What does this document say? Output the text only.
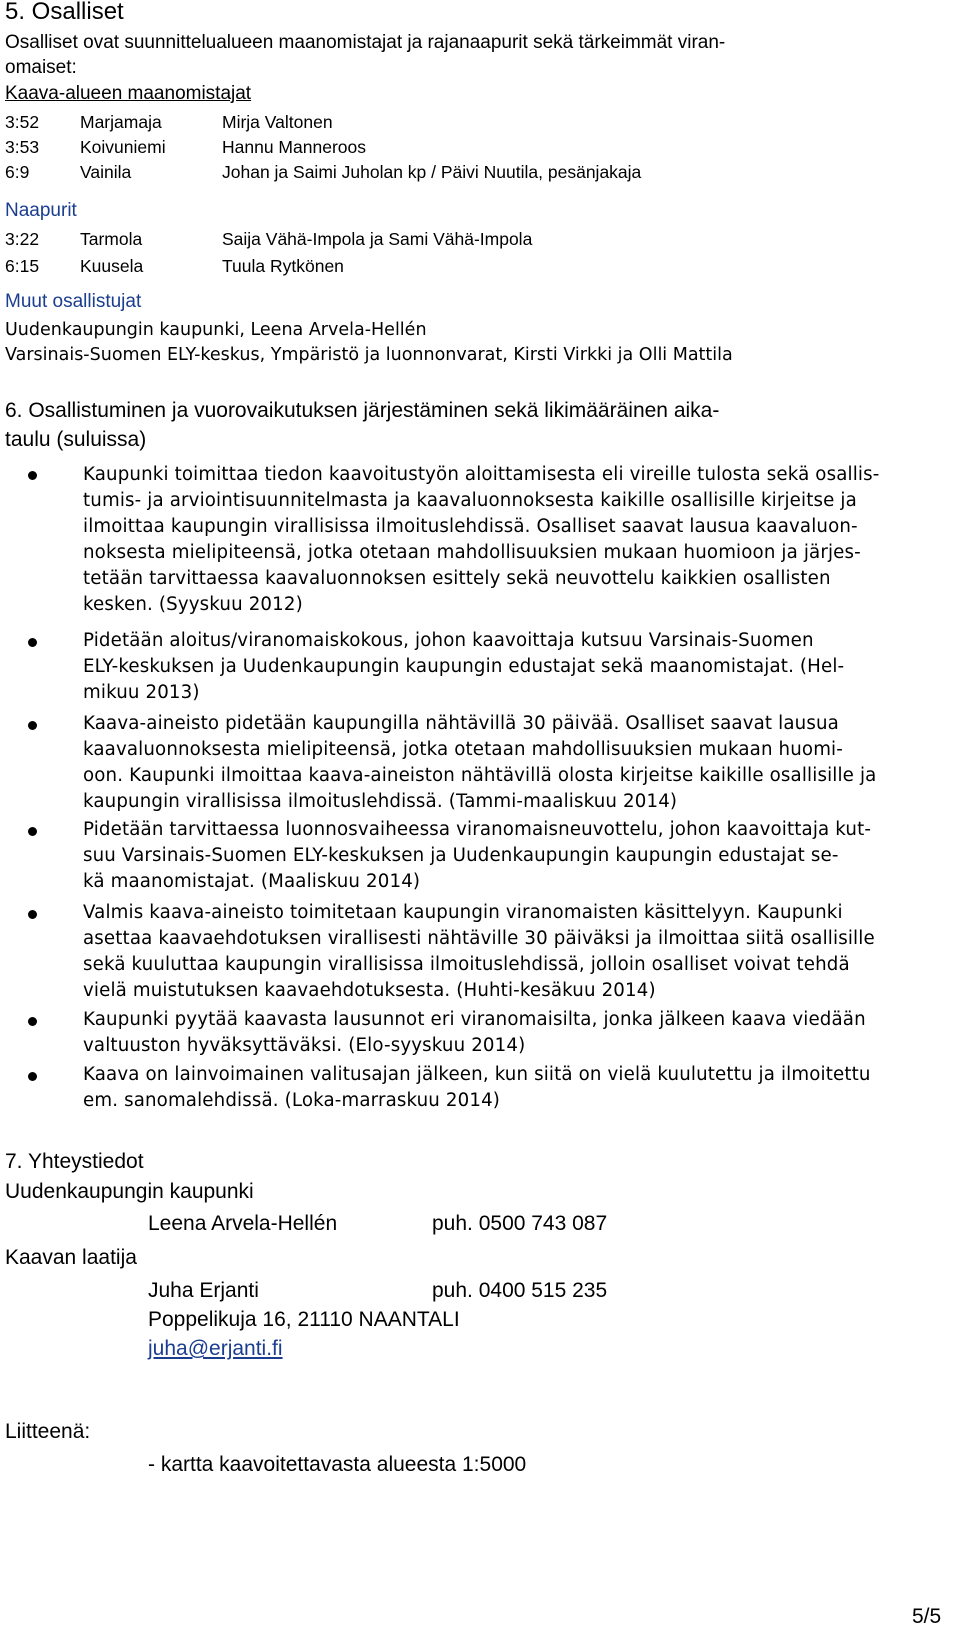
5. Osalliset

Osalliset ovat suunnittelualueen maanomistajat ja rajanaapurit sekä tärkeimmät viran-

omaiset:

Kaava-alueen maanomistajat

3:52 Marjamaja	Mirja Valtonen
3:53 Koivuniemi	Hannu Manneroos
6:9	Vainila	Johan ja Saimi Juholan kp / Päivi Nuutila, pesänjakaja

Naapurit

3:22 Tarmola	Saija Vähä-Impola ja Sami Vähä-Impola
6:15 Kuusela	Tuula Rytkönen

Muut osallistujat

Uudenkaupungin kaupunki, Leena Arvela-Hellén

Varsinais-Suomen ELY-keskus, Ympäristö ja luonnonvarat, Kirsti Virkki ja Olli Mattila

6. Osallistuminen ja vuorovaikutuksen järjestäminen sekä likimääräinen aika-
taulu (suluissa)
Kaupunki toimittaa tiedon kaavoitustyön aloittamisesta eli vireille tulosta sekä osallis-
tumis- ja arviointisuunnitelmasta ja kaavaluonnoksesta kaikille osallisille kirjeitse ja
ilmoittaa kaupungin virallisissa ilmoituslehdissä. Osalliset saavat lausua kaavaluon-
noksesta mielipiteensä, jotka otetaan mahdollisuuksien mukaan huomioon ja järjes-
tetään tarvittaessa kaavaluonnoksen esittely sekä neuvottelu kaikkien osallisten
kesken. (Syyskuu 2012)
Pidetään aloitus/viranomaiskokous, johon kaavoittaja kutsuu Varsinais-Suomen
ELY-keskuksen ja Uudenkaupungin kaupungin edustajat sekä maanomistajat. (Hel-
mikuu 2013)
Kaava-aineisto pidetään kaupungilla nähtävillä 30 päivää. Osalliset saavat lausua
kaavaluonnoksesta mielipiteensä, jotka otetaan mahdollisuuksien mukaan huomi-
oon. Kaupunki ilmoittaa kaava-aineiston nähtävillä olosta kirjeitse kaikille osallisille ja
kaupungin virallisissa ilmoituslehdissä. (Tammi-maaliskuu 2014)
Pidetään tarvittaessa luonnosvaiheessa viranomaisneuvottelu, johon kaavoittaja kut-
suu Varsinais-Suomen ELY-keskuksen ja Uudenkaupungin kaupungin edustajat se-
kä maanomistajat. (Maaliskuu 2014)
Valmis kaava-aineisto toimitetaan kaupungin viranomaisten käsittelyyn. Kaupunki
asettaa kaavaehdotuksen virallisesti nähtäville 30 päiväksi ja ilmoittaa siitä osallisille
sekä kuuluttaa kaupungin virallisissa ilmoituslehdissä, jolloin osalliset voivat tehdä
vielä muistutuksen kaavaehdotuksesta. (Huhti-kesäkuu 2014)
Kaupunki pyytää kaavasta lausunnot eri viranomaisilta, jonka jälkeen kaava viedään
valtuuston hyväksyttäväksi. (Elo-syyskuu 2014)
Kaava on lainvoimainen valitusajan jälkeen, kun siitä on vielä kuulutettu ja ilmoitettu
em. sanomalehdissä. (Loka-marraskuu 2014)
7. Yhteystiedot

Uudenkaupungin kaupunki

Leena Arvela-Hellén	puh. 0500 743 087

Kaavan laatija

Juha Erjanti	puh. 0400 515 235

Poppelikuja 16, 21110 NAANTALI

juha@erjanti.fi

Liitteenä:

- kartta kaavoitettavasta alueesta 1:5000

5/5
